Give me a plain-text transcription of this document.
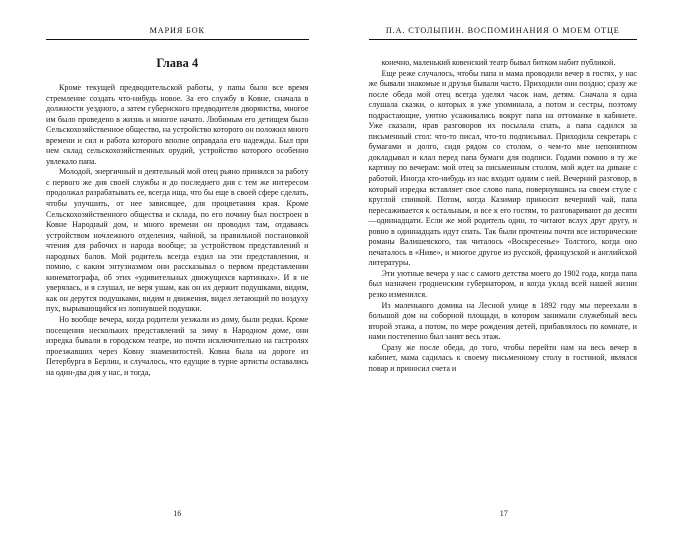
МАРИЯ БОК
Глава 4

Кроме текущей предводительской работы, у папы было все время стремление создать что-нибудь новое. За его службу в Ковне, сначала в должности уездного, а затем губернского предводителя дворянства, многое им было проведено в жизнь и многое начато. Любимым его детищем было Сельскохозяйственное общество, на устройство которого он положил много времени и сил и работа которого вполне оправдала его надежды. Был при нем склад сельскохозяйственных орудий, устройство которого особенно увлекало папа.

Молодой, энергичный и деятельный мой отец рьяно принялся за работу с первого же дня своей службы и до последнего дня с тем же интересом продолжал разрабатывать ее, всегда ища, что бы еще в своей сфере сделать, чтобы улучшить, от нее зависящее, для процветания края. Кроме Сельскохозяйственного общества и склада, по его почину был построен в Ковне Народный дом, и много времени он проводил там, отдаваясь устройством ночлежного отделения, чайной, за правильной постановкой чтения для рабочих и народа вообще; за устройством представлений и народных балов. Мой родитель всегда ездил на эти представления, и помню, с каким энтузиазмом они рассказывал о первом представлении кинематографа, об этих «удивительных движущихся картинках». И я не уверялась, и я слушал, не веря ушам, как он их держит подушками, видим, как он дерутся подушками, видим и движения, видел летающий по воздуху пух, вырывающийся из лопнувшей подушки.

Но вообще вечера, когда родители уезжали из дому, были редки. Кроме посещения нескольких представлений за зиму в Народном доме, они изредка бывали в городском театре, но почти исключительно на гастролях проезжавших через Ковну знаменитостей. Ковна была на дороге из Петербурга в Берлин, и случалось, что едущие в турне артисты оставались на один-два дня у нас, и тогда,

16
П.А. СТОЛЫПИН. ВОСПОМИНАНИЯ О МОЕМ ОТЦЕ

конечно, маленький ковенский театр бывал битком набит публикой.

Еще реже случалось, чтобы папа и мама проводили вечер в гостях, у нас же бывали знакомые и друзья бывали часто. Приходили они поздно; сразу же после обеда мой отец всегда уделял часок нам, детям. Сначала я одна слушала сказки, о которых я уже упоминала, а потом и сестры, поэтому подрастающие, уютно усаживались вокруг папа на оттоманке в кабинете. Уже сказали, нрав разговоров их посылала спать, а папа садился за письменный стол: что-то писал, что-то подписывал. Приходила секретарь с бумагами и долго, сидя рядом со столом, о чем-то мне непонятном докладывал и клал перед папа бумаги для подписи. Годами помню я ту же картину по вечерам: мой отец за письменным столом, мой ждет на диване с работой. Иногда кто-нибудь из нас входит одним с ней. Вечерний разговор, в который изредка вставляет свое слово папа, повернувшись на своем стуле с круглой спинкой. Потом, когда Казимир приносит вечерний чай, папа пересаживается к остальным, и все к его гостям, то разговаривают до десяти—одиннадцати. Если же мой родитель один, то читают вслух друг другу, и ровно в одиннадцать идут спать. Так были прочтены почти все исторические романы Валишевского, так читалось «Воскресенье» Толстого, когда оно печаталось в «Ниве», и многое другое из русской, французской и английской литературы.

Эти уютные вечера у нас с самого детства моего до 1902 года, когда папа был назначен гродненским губернатором, и когда уклад всей нашей жизни резко изменился.

Из маленького домика на Лесной улице в 1892 году мы переехали в большой дом на соборной площади, в котором занимали служебный весь второй этажа, а потом, по мере рождения детей, прибавлялось по комнате, и нами постепенно был занят весь этаж.

Сразу же после обеда, до того, чтобы перейти нам на весь вечер в кабинет, мама садилась к своему письменному столу в гостиной, являлся повар и приносил счета и

17
